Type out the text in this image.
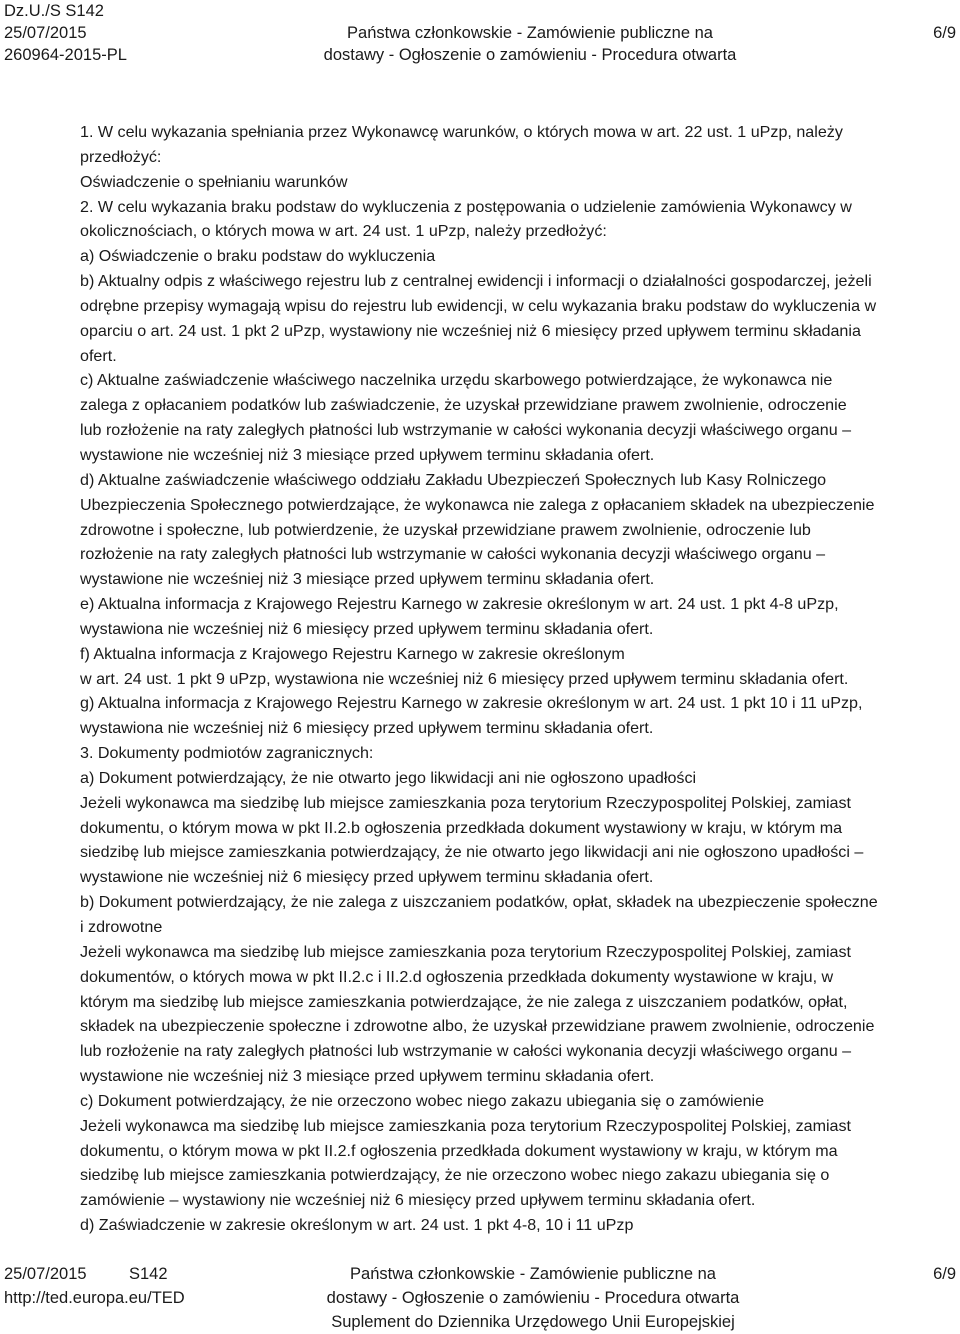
Dz.U./S S142
25/07/2015
260964-2015-PL
Państwa członkowskie - Zamówienie publiczne na
dostawy - Ogłoszenie o zamówieniu - Procedura otwarta
6/9

1. W celu wykazania spełniania przez Wykonawcę warunków, o których mowa w art. 22 ust. 1 uPzp, należy

przedłożyć:

Oświadczenie o spełnianiu warunków

2. W celu wykazania braku podstaw do wykluczenia z postępowania o udzielenie zamówienia Wykonawcy w

okolicznościach, o których mowa w art. 24 ust. 1 uPzp, należy przedłożyć:

a) Oświadczenie o braku podstaw do wykluczenia

b) Aktualny odpis z właściwego rejestru lub z centralnej ewidencji i informacji o działalności gospodarczej, jeżeli

odrębne przepisy wymagają wpisu do rejestru lub ewidencji, w celu wykazania braku podstaw do wykluczenia w

oparciu o art. 24 ust. 1 pkt 2 uPzp, wystawiony nie wcześniej niż 6 miesięcy przed upływem terminu składania

ofert.

c) Aktualne zaświadczenie właściwego naczelnika urzędu skarbowego potwierdzające, że wykonawca nie

zalega z opłacaniem podatków lub zaświadczenie, że uzyskał przewidziane prawem zwolnienie, odroczenie

lub rozłożenie na raty zaległych płatności lub wstrzymanie w całości wykonania decyzji właściwego organu –

wystawione nie wcześniej niż 3 miesiące przed upływem terminu składania ofert.

d) Aktualne zaświadczenie właściwego oddziału Zakładu Ubezpieczeń Społecznych lub Kasy Rolniczego

Ubezpieczenia Społecznego potwierdzające, że wykonawca nie zalega z opłacaniem składek na ubezpieczenie

zdrowotne i społeczne, lub potwierdzenie, że uzyskał przewidziane prawem zwolnienie, odroczenie lub

rozłożenie na raty zaległych płatności lub wstrzymanie w całości wykonania decyzji właściwego organu –

wystawione nie wcześniej niż 3 miesiące przed upływem terminu składania ofert.

e) Aktualna informacja z Krajowego Rejestru Karnego w zakresie określonym w art. 24 ust. 1 pkt 4-8 uPzp,

wystawiona nie wcześniej niż 6 miesięcy przed upływem terminu składania ofert.

f) Aktualna informacja z Krajowego Rejestru Karnego w zakresie określonym

w art. 24 ust. 1 pkt 9 uPzp, wystawiona nie wcześniej niż 6 miesięcy przed upływem terminu składania ofert.

g) Aktualna informacja z Krajowego Rejestru Karnego w zakresie określonym w art. 24 ust. 1 pkt 10 i 11 uPzp,

wystawiona nie wcześniej niż 6 miesięcy przed upływem terminu składania ofert.

3. Dokumenty podmiotów zagranicznych:

a) Dokument potwierdzający, że nie otwarto jego likwidacji ani nie ogłoszono upadłości

Jeżeli wykonawca ma siedzibę lub miejsce zamieszkania poza terytorium Rzeczypospolitej Polskiej, zamiast

dokumentu, o którym mowa w pkt II.2.b ogłoszenia przedkłada dokument wystawiony w kraju, w którym ma

siedzibę lub miejsce zamieszkania potwierdzający, że nie otwarto jego likwidacji ani nie ogłoszono upadłości –

wystawione nie wcześniej niż 6 miesięcy przed upływem terminu składania ofert.

b) Dokument potwierdzający, że nie zalega z uiszczaniem podatków, opłat, składek na ubezpieczenie społeczne

i zdrowotne

Jeżeli wykonawca ma siedzibę lub miejsce zamieszkania poza terytorium Rzeczypospolitej Polskiej, zamiast

dokumentów, o których mowa w pkt II.2.c i II.2.d ogłoszenia przedkłada dokumenty wystawione w kraju, w

którym ma siedzibę lub miejsce zamieszkania potwierdzające, że nie zalega z uiszczaniem podatków, opłat,

składek na ubezpieczenie społeczne i zdrowotne albo, że uzyskał przewidziane prawem zwolnienie, odroczenie

lub rozłożenie na raty zaległych płatności lub wstrzymanie w całości wykonania decyzji właściwego organu –

wystawione nie wcześniej niż 3 miesiące przed upływem terminu składania ofert.

c) Dokument potwierdzający, że nie orzeczono wobec niego zakazu ubiegania się o zamówienie

Jeżeli wykonawca ma siedzibę lub miejsce zamieszkania poza terytorium Rzeczypospolitej Polskiej, zamiast

dokumentu, o którym mowa w pkt II.2.f ogłoszenia przedkłada dokument wystawiony w kraju, w którym ma

siedzibę lub miejsce zamieszkania potwierdzający, że nie orzeczono wobec niego zakazu ubiegania się o

zamówienie – wystawiony nie wcześniej niż 6 miesięcy przed upływem terminu składania ofert.

d) Zaświadczenie w zakresie określonym w art. 24 ust. 1 pkt 4-8, 10 i 11 uPzp

25/07/2015	S142
http://ted.europa.eu/TED
Państwa członkowskie - Zamówienie publiczne na
dostawy - Ogłoszenie o zamówieniu - Procedura otwarta
Suplement do Dziennika Urzędowego Unii Europejskiej
6/9
